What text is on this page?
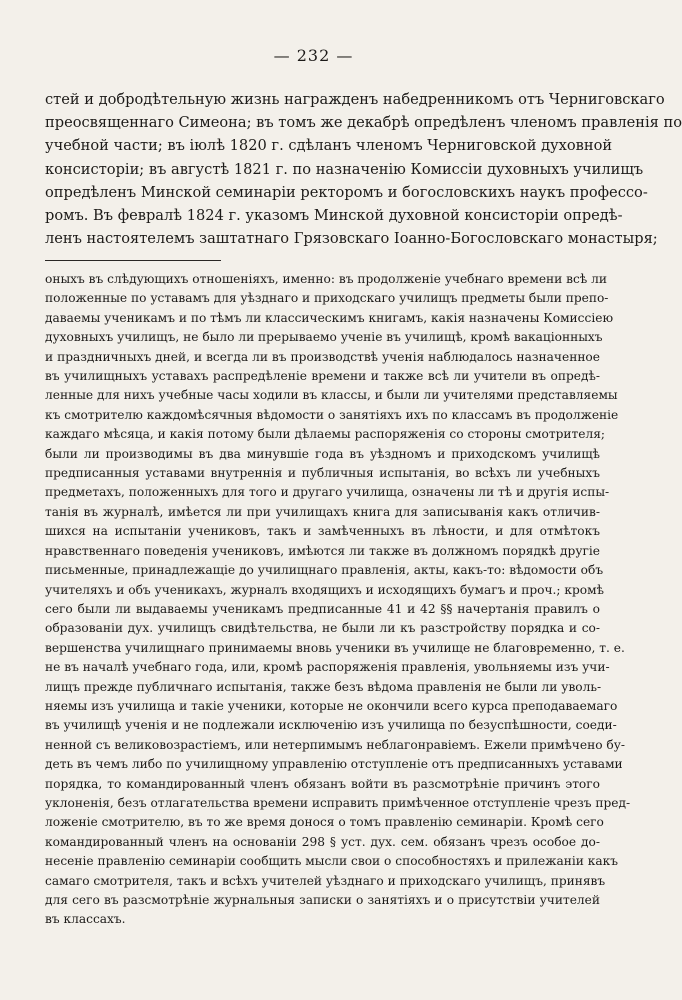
— 232 —
стей и добродѣтельную жизнь награжденъ набедренникомъ отъ Черниговскаго
преосвященнаго Симеона; въ томъ же декабрѣ опредѣленъ членомъ правленія по
учебной части; въ іюлѣ 1820 г. сдѣланъ членомъ Черниговской духовной
консисторіи; въ августѣ 1821 г. по назначенію Комиссіи духовныхъ училищъ
опредѣленъ Минской семинаріи ректоромъ и богословскихъ наукъ профессо-
ромъ. Въ февралѣ 1824 г. указомъ Минской духовной консисторіи опредѣ-
ленъ настоятелемъ заштатнаго Грязовскаго Іоанно-Богословскаго монастыря;
оныхъ въ слѣдующихъ отношеніяхъ, именно: въ продолженіе учебнаго времени всѣ ли
положенные по уставамъ для уѣзднаго и приходскаго училищъ предметы были препо-
даваемы ученикамъ и по тѣмъ ли классическимъ книгамъ, какія назначены Комиссіею
духовныхъ училищъ, не было ли прерываемо ученіе въ училищѣ, кромѣ вакаціонныхъ
и праздничныхъ дней, и всегда ли въ производствѣ ученія наблюдалось назначенное
въ училищныхъ уставахъ распредѣленіе времени и также всѣ ли учители въ опредѣ-
ленные для нихъ учебные часы ходили въ классы, и были ли учителями представляемы
къ смотрителю каждомѣсячныя вѣдомости о занятіяхъ ихъ по классамъ въ продолженіе
каждаго мѣсяца, и какія потому были дѣлаемы распоряженія со стороны смотрителя;
были ли производимы въ два минувшіе года въ уѣздномъ и приходскомъ училищѣ
предписанныя уставами внутреннія и публичныя испытанія, во всѣхъ ли учебныхъ
предметахъ, положенныхъ для того и другаго училища, означены ли тѣ и другія испы-
танія въ журналѣ, имѣется ли при училищахъ книга для записыванія какъ отличив-
шихся на испытаніи учениковъ, такъ и замѣченныхъ въ лѣности, и для отмѣтокъ
нравственнаго поведенія учениковъ, имѣются ли также въ должномъ порядкѣ другіе
письменные, принадлежащіе до училищнаго правленія, акты, какъ-то: вѣдомости объ
учителяхъ и объ ученикахъ, журналъ входящихъ и исходящихъ бумагъ и проч.; кромѣ
сего были ли выдаваемы ученикамъ предписанные 41 и 42 §§ начертанія правилъ о
образованіи дух. училищъ свидѣтельства, не были ли къ разстройству порядка и со-
вершенства училищнаго принимаемы вновь ученики въ училище не благовременно, т. е.
не въ началѣ учебнаго года, или, кромѣ распоряженія правленія, увольняемы изъ учи-
лищъ прежде публичнаго испытанія, также безъ вѣдома правленія не были ли уволь-
няемы изъ училища и такіе ученики, которые не окончили всего курса преподаваемаго
въ училищѣ ученія и не подлежали исключенію изъ училища по безуспѣшности, соеди-
ненной съ великовозрастіемъ, или нетерпимымъ неблагонравіемъ. Ежели примѣчено бу-
деть въ чемъ либо по училищному управленію отступленіе отъ предписанныхъ уставами
порядка, то командированный членъ обязанъ войти въ разсмотрѣніе причинъ этого
уклоненія, безъ отлагательства времени исправить примѣченное отступленіе чрезъ пред-
ложеніе смотрителю, въ то же время донося о томъ правленію семинаріи. Кромѣ сего
командированный членъ на основаніи 298 § уст. дух. сем. обязанъ чрезъ особое до-
несеніе правленію семинаріи сообщить мысли свои о способностяхъ и прилежаніи какъ
самаго смотрителя, такъ и всѣхъ учителей уѣзднаго и приходскаго училищъ, принявъ
для сего въ разсмотрѣніе журнальныя записки о занятіяхъ и о присутствіи учителей
въ классахъ.
